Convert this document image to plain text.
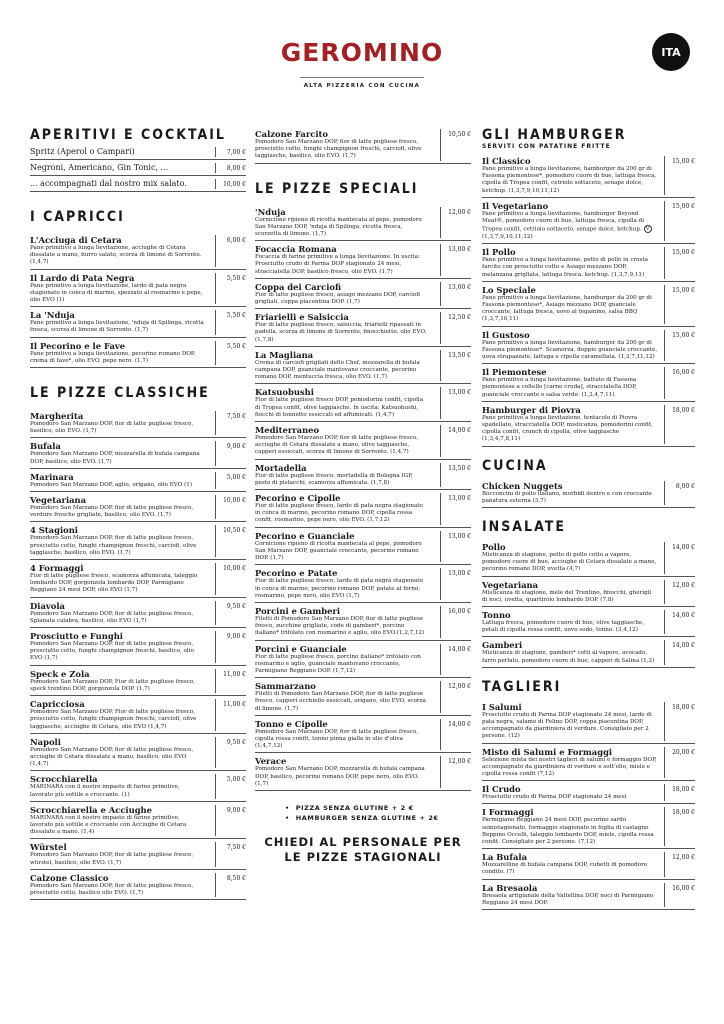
GEROMINO
ALTA PIZZERIA CON CUCINA
ITA
APERITIVI E COCKTAIL
Spritz (Aperol o Campari)	7,00 €
Negroni, Americano, Gin Tonic, ...	8,00 €
... accompagnati dal nostro mix salato.	10,00 €
I CAPRICCI
L'Acciuga di Cetara
Pane primitivo a lunga lievitazione, acciughe di Cetara dissalate a mano, burro salato, scorza di limone di Sorrento. (1,4,7)
6,00 €
Il Lardo di Pata Negra
Pane primitivo a lunga lievitazione, lardo di pata negra stagionato in conca di marmo, spezzato al rosmarino e pepe, olio EVO (1)
5,50 €
La 'Nduja
Pane primitivo a lunga lievitazione, 'nduja di Spilinga, ricotta fresca, scorza di limone di Sorrento. (1,7)
5,50 €
Il Pecorino e le Fave
Pane primitivo a lunga lievitazione, pecorino romano DOP, crema di fave*, olio EVO, pepe nero. (1,7)
5,50 €
LE PIZZE CLASSICHE
Margherita
Pomodoro San Marzano DOP, fior di latte pugliese fresco, basilico, olio EVO. (1,7)
7,50 €
Bufala
Pomodoro San Marzano DOP, mozzarella di bufala campana DOP, basilico, olio EVO. (1,7)
9,00 €
Marinara
Pomodoro San Marzano DOP, aglio, origano, olio EVO (1)
5,00 €
Vegetariana
Pomodoro San Marzano DOP, fior di latte pugliese fresco, verdure fresche grigliate, basilico, olio EVO. (1,7)
10,00 €
4 Stagioni
Pomodoro San Marzano DOP, fior di latte pugliese fresco, prosciutto cotto, funghi champignon freschi, carciofi, olive taggiasche, basilico, olio EVO. (1,7)
10,50 €
4 Formaggi
Fior di latte pugliese fresco, scamorza affumicata, taleggio lombardo DOP, gorgonzola lombardo DOP, Parmigiano Reggiano 24 mesi DOP, olio EVO (1,7)
10,00 €
Diavola
Pomodoro San Marzano DOP, fior di latte pugliese fresco, Spianata calabra, basilico, olio EVO (1,7)
9,50 €
Prosciutto e Funghi
Pomodoro San Marzano DOP, fior di latte pugliese fresco, prosciutto cotto, funghi champignon freschi, basilico, olio EVO (1,7)
9,00 €
Speck e Zola
Pomodoro San Marzano DOP, Fior di latte pugliese fresco, speck trentino DOP, gorgonzola DOP. (1,7)
11,00 €
Capricciosa
Pomodoro San Marzano DOP, Fior di latte pugliese fresco, prosciutto cotto, funghi champignon freschi, carciofi, olive taggiasche, acciughe di Cetara, olio EVO (1,4,7)
11,00 €
Napoli
Pomodoro San Marzano DOP, fior di latte pugliese fresco, acciughe di Cetara dissalate a mano, basilico, olio EVO (1,4,7)
9,50 €
Scrocchiarella
MARINARA con il nostro impasto di farine primitive, lavorato più sottile e croccante. (1)
5,00 €
Scrocchiarella e Acciughe
MARINARA con il nostro impasto di farine primitive, lavorato più sottile e croccante con Acciughe di Cetara dissalate a mano. (1,4)
9,00 €
Würstel
Pomodoro San Marzano DOP, fior di latte pugliese fresco, würstel, basilico, olio EVO. (1,7)
7,50 €
Calzone Classico
Pomodoro San Marzano DOP, fior di latte pugliese fresco, prosciutto cotto, basilico olio EVO. (1,7)
8,50 €
Calzone Farcito
Pomodoro San Marzano DOP, fior di latte pugliese fresco, prosciutto cotto, funghi champignon freschi, carciofi, olive taggiasche, basilico, olio EVO. (1,7)
10,50 €
LE PIZZE SPECIALI
'Nduja
Cornicione ripieno di ricotta mantecata al pepe, pomodoro San Marzano DOP, 'nduja di Spilinga, ricotta fresca, scorzetta di limone. (1,7)
12,00 €
Focaccia Romana
Focaccia di farine primitive a lunga lievitazione. In uscita: Prosciutto crudo di Parma DOP stagionato 24 mesi, stracciatella DOP, basilico fresco, olio EVO. (1,7)
13,00 €
Coppa dei Carciofi
Fior di latte pugliese fresco, asiago mezzano DOP, carciofi grigliati, coppa piacentina DOP. (1,7)
13,00 €
Friarielli e Salsiccia
Fior di latte pugliese fresco, salsiccia, friarielli ripassati in padella, scorza di limone di Sorrento, finocchietto, olio EVO. (1,7,8)
12,50 €
La Magliana
Crema di carciofi grigliati dello Chef, mozzarella di bufala campana DOP, guanciale mantovano croccante, pecorino romano DOP, mentuccia fresca, olio EVO. (1,7)
13,50 €
Katsuobushi
Fior di latte pugliese fresco DOP, pomodorini confit, cipolla di Tropea confit, olive taggiasche. In uscita: Katsuobushi, fiocchi di tonnetto essiccati ed affumicati. (1,4,7)
13,00 €
Mediterraneo
Pomodoro San Marzano DOP, fior di latte pugliese fresco, acciughe di Cetara dissalate a mano, olive taggiasche, capperi essiccati, scorza di limone di Sorrento. (1,4,7)
14,00 €
Mortadella
Fior di latte pugliese fresco, mortadella di Bologna IGP, pesto di pistacchi, scamorza affumicata. (1,7,8)
13,50 €
Pecorino e Cipolle
Fior di latte pugliese fresco, lardo di pata negra stagionato in conca di marmo, pecorino romano DOP, cipolla rossa confit, rosmarino, pepe nero, olio EVO. (1,7,12)
13,00 €
Pecorino e Guanciale
Cornicione ripieno di ricotta mantecata al pepe, pomodoro San Marzano DOP, guanciale croccante, pecorino romano DOP. (1,7)
13,00 €
Pecorino e Patate
Fior di latte pugliese fresco, lardo di pata negra stagionato in conca di marmo, pecorino romano DOP, patate al forno, rosmarino, pepe nero, olio EVO (1,7)
13,00 €
Porcini e Gamberi
Filetti di Pomodoro San Marzano DOP, fior di latte pugliese fresco, zucchine grigliate, code di gamberi*, porcino italiano* trifolato con rosmarino e aglio, olio EVO.(1,2,7,12)
16,00 €
Porcini e Guanciale
Fior di latte pugliese fresco, porcino italiano* trifolato con rosmarino e aglio, guanciale mantovano croccante, Parmigiano Reggiano DOP. (1,7,12)
14,00 €
Sammarzano
Filetti di Pomodoro San Marzano DOP, fior di latte pugliese fresco, capperi occhiello essiccati, origano, olio EVO, scorza di limone. (1,7)
12,00 €
Tonno e Cipolle
Pomodoro San Marzano DOP, fior di latte pugliese fresco, cipolla rossa confit, tonno pinna gialla in olio d'oliva (1,4,7,12)
14,00 €
Verace
Pomodoro San Marzano DOP, mozzarella di bufala campana DOP, basilico, pecorino romano DOP, pepe nero, olio EVO. (1,7)
12,00 €
• PIZZA SENZA GLUTINE + 2 €
• HAMBURGER SENZA GLUTINE + 2€
CHIEDI AL PERSONALE PER LE PIZZE STAGIONALI
GLI HAMBURGER
SERVITI CON PATATINE FRITTE
Il Classico
Pane primitivo a lunga lievitazione, hamburger da 200 gr di Fassona piemontese*, pomodoro cuore di bue, lattuga fresca, cipolla di Tropea confit, cetriolo sottaceto, senape dolce, ketchup. (1,3,7,9,10,11,12)
15,00 €
Il Vegetariano
Pane primitivo a lunga lievitazione, hamburger Beyond Meat®, pomodoro cuore di bue, lattuga fresca, cipolla di Tropea confit, cetriolo sottaceto, senape dolce, ketchup. V
(1,3,7,9,10,11,12)
15,00 €
Il Pollo
Pane primitivo a lunga lievitazione, petto di pollo in crosta farcito con prosciutto cotto e Asiago mezzano DOP, melanzana grigliata, lattuga fresca, ketchup. (1,3,7,9,11)
15,00 €
Lo Speciale
Pane primitivo a lunga lievitazione, hamburger da 200 gr di Fassona piemontese*, Asiago mezzano DOP, guanciale croccante, lattuga fresca, uovo al tegamino, salsa BBQ (1,3,7,10,11)
15,00 €
Il Gustoso
Pane primitivo a lunga lievitazione, hamburger da 200 gr di Fassona piemontese*. Scamorza, doppio guanciale croccante, uova strapazzate, lattuga e cipolla caramellata. (1,3,7,11,12)
15,00 €
Il Piemontese
Pane primitivo a lunga lievitazione, battuto di Fassona piemontese a coltello [carne cruda], stracciatella DOP, guanciale croccante e salsa verde. (1,3,4,7,11)
16,00 €
Hamburger di Piovra
Pane primitivo a lunga lievitazione, tentacolo di Piovra spadellato, stracciatella DOP, misticanza, pomodorini confit, cipolla confit, crunch di cipolla, olive taggiasche (1,3,4,7,8,11)
18,00 €
CUCINA
Chicken Nuggets
Bocconcini di pollo italiano, morbidi dentro e con croccante panatura esterna (3,7)
8,00 €
INSALATE
Pollo
Misticanza di stagione, petto di pollo cotto a vapore, pomodoro cuore di bue, acciughe di Cetara dissalate a mano, pecorino romano DOP, uvetta (4,7)
14,00 €
Vegetariana
Misticanza di stagione, mele del Trentino, finocchi, gherigli di noci, uvetta, quartirolo lombardo DOP. (7,8)
12,00 €
Tonno
Lattuga fresca, pomodoro cuore di bue, olive taggiasche, petali di cipolla rossa confit, uovo sodo, tonno. (3,4,12)
14,00 €
Gamberi
Misticanza di stagione, gamberi* cotti al vapore, avocado, farro perlato, pomodoro cuore di bue, capperi di Salina (1,2)
14,00 €
TAGLIERI
I Salumi
Prosciutto crudo di Parma DOP stagionato 24 mesi, lardo di pata negra, salame di Felino DOP, coppa piacentina DOP, accompagnato da giardiniera di verdure. Consigliato per 2 persone. (12)
18,00 €
Misto di Salumi e Formaggi
Selezione mista dei nostri taglieri di salumi e formaggio DOP, accompagnato da giardiniera di verdure e sott'olio, miele e cipolla rossa confit (7,12)
20,00 €
Il Crudo
Prosciutto crudo di Parma DOP stagionato 24 mesi
18,00 €
I Formaggi
Parmigiano Reggiano 24 mesi DOP, pecorino sardo semistagionato, formaggio stagionato in foglia di castagno Beppino Occelli, taleggio lombardo DOP, miele, cipolla rossa confit. Consigliato per 2 persone. (7,12)
18,00 €
La Bufala
Mozzarelline di bufala campana DOP, cubetti di pomodoro condito. (7)
12,00 €
La Bresaola
Bresaola artigianale della Valtellina DOP, noci di Parmigiano Reggiano 24 mesi DOP.
16,00 €
